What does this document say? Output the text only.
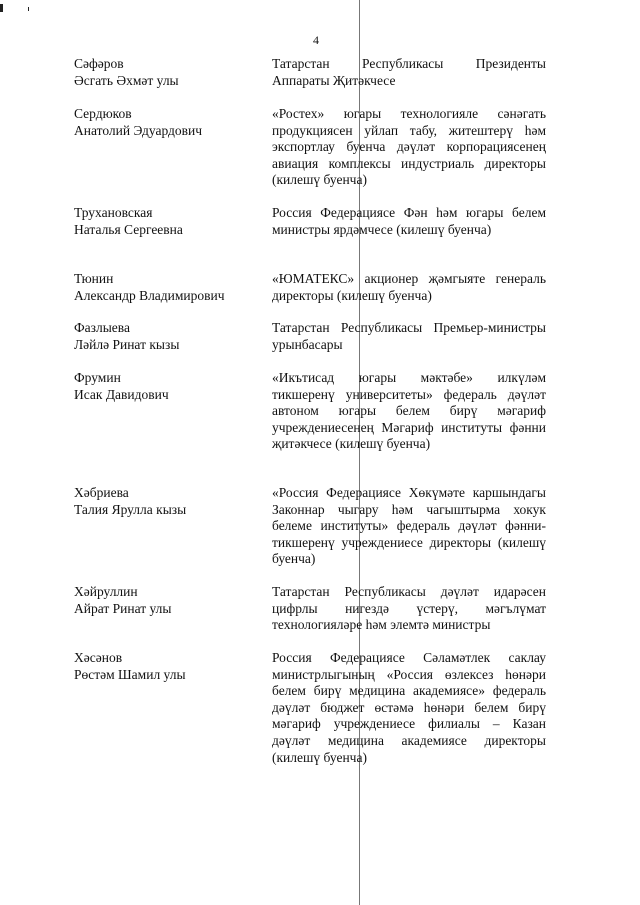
4
Сәфәров
Әсгать Әхмәт улы
Татарстан Республикасы Президенты Аппараты Җитәкчесе
Сердюков
Анатолий Эдуардович
«Ростех» югары технологияле сәнәгать продукциясен уйлап табу, житештерү һәм экспортлау буенча дәүләт корпорациясенең авиация комплексы индустриаль директоры (килешү буенча)
Трухановская
Наталья Сергеевна
Россия Федерациясе Фән һәм югары белем министры ярдәмчесе (килешү буенча)
Тюнин
Александр Владимирович
«ЮМАТЕКС» акционер җәмгыяте генераль директоры (килешү буенча)
Фазлыева
Ләйлә Ринат кызы
Татарстан Республикасы Премьер-министры урынбасары
Фрумин
Исак Давидович
«Икътисад югары мәктәбе» илкүләм тикшеренү университеты» федераль дәүләт автоном югары белем бирү мәгариф учреждениесенең Мәгариф институты фәнни җитәкчесе (килешү буенча)
Хәбриева
Талия Ярулла кызы
«Россия Федерациясе Хөкүмәте каршындагы Законнар чыгару һәм чагыштырма хокук белеме институты» федераль дәүләт фәнни-тикшеренү учреждениесе директоры (килешү буенча)
Хәйруллин
Айрат Ринат улы
Татарстан Республикасы дәүләт идарәсен цифрлы нигездә үстерү, мәгълүмат технологияләре һәм элемтә министры
Хәсәнов
Рөстәм Шамил улы
Россия Федерациясе Сәламәтлек саклау министрлыгының «Россия өзлексез һөнәри белем бирү медицина академиясе» федераль дәүләт бюджет өстәмә һөнәри белем бирү мәгариф учреждениесе филиалы – Казан дәүләт медицина академиясе директоры (килешү буенча)
